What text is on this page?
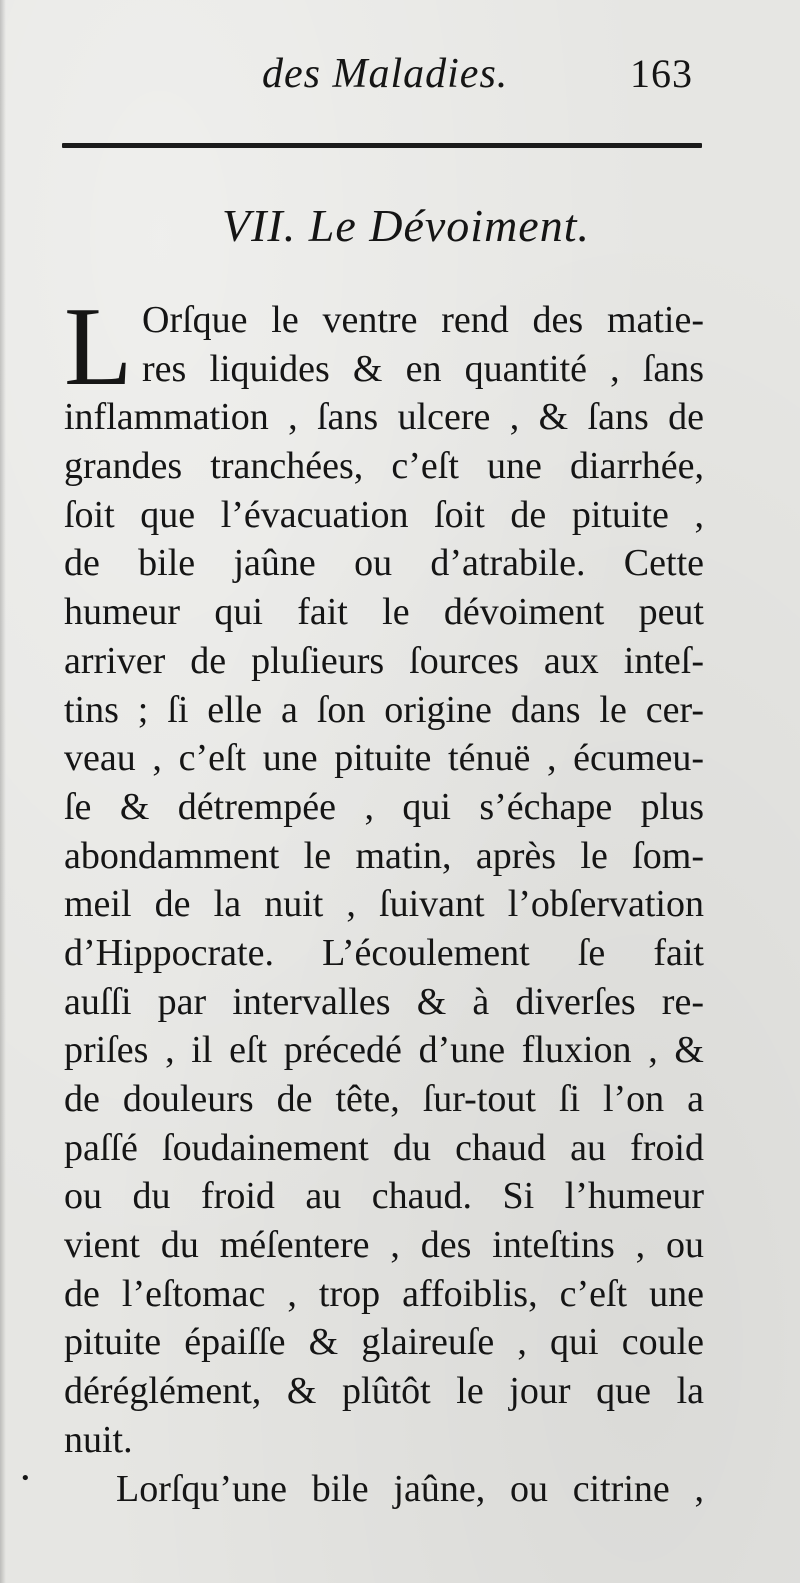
des Maladies.	163
VII. Le Dévoiment.
L Orſque le ventre rend des matie-
res liquides & en quantité , ſans
inflammation , ſans ulcere , & ſans de
grandes tranchées, c’eſt une diarrhée,
ſoit que l’évacuation ſoit de pituite ,
de bile jaûne ou d’atrabile. Cette
humeur qui fait le dévoiment peut
arriver de pluſieurs ſources aux inteſ-
tins ; ſi elle a ſon origine dans le cer-
veau , c’eſt une pituite ténuë , écumeu-
ſe & détrempée , qui s’échape plus
abondamment le matin, après le ſom-
meil de la nuit , ſuivant l’obſervation
d’Hippocrate. L’écoulement ſe fait
auſſi par intervalles & à diverſes re-
priſes , il eſt précedé d’une fluxion , &
de douleurs de tête, ſur-tout ſi l’on a
paſſé ſoudainement du chaud au froid
ou du froid au chaud. Si l’humeur
vient du méſentere , des inteſtins , ou
de l’eſtomac , trop affoiblis, c’eſt une
pituite épaiſſe & glaireuſe , qui coule
déréglément, & plûtôt le jour que la
nuit.
Lorſqu’une bile jaûne, ou citrine ,
•
